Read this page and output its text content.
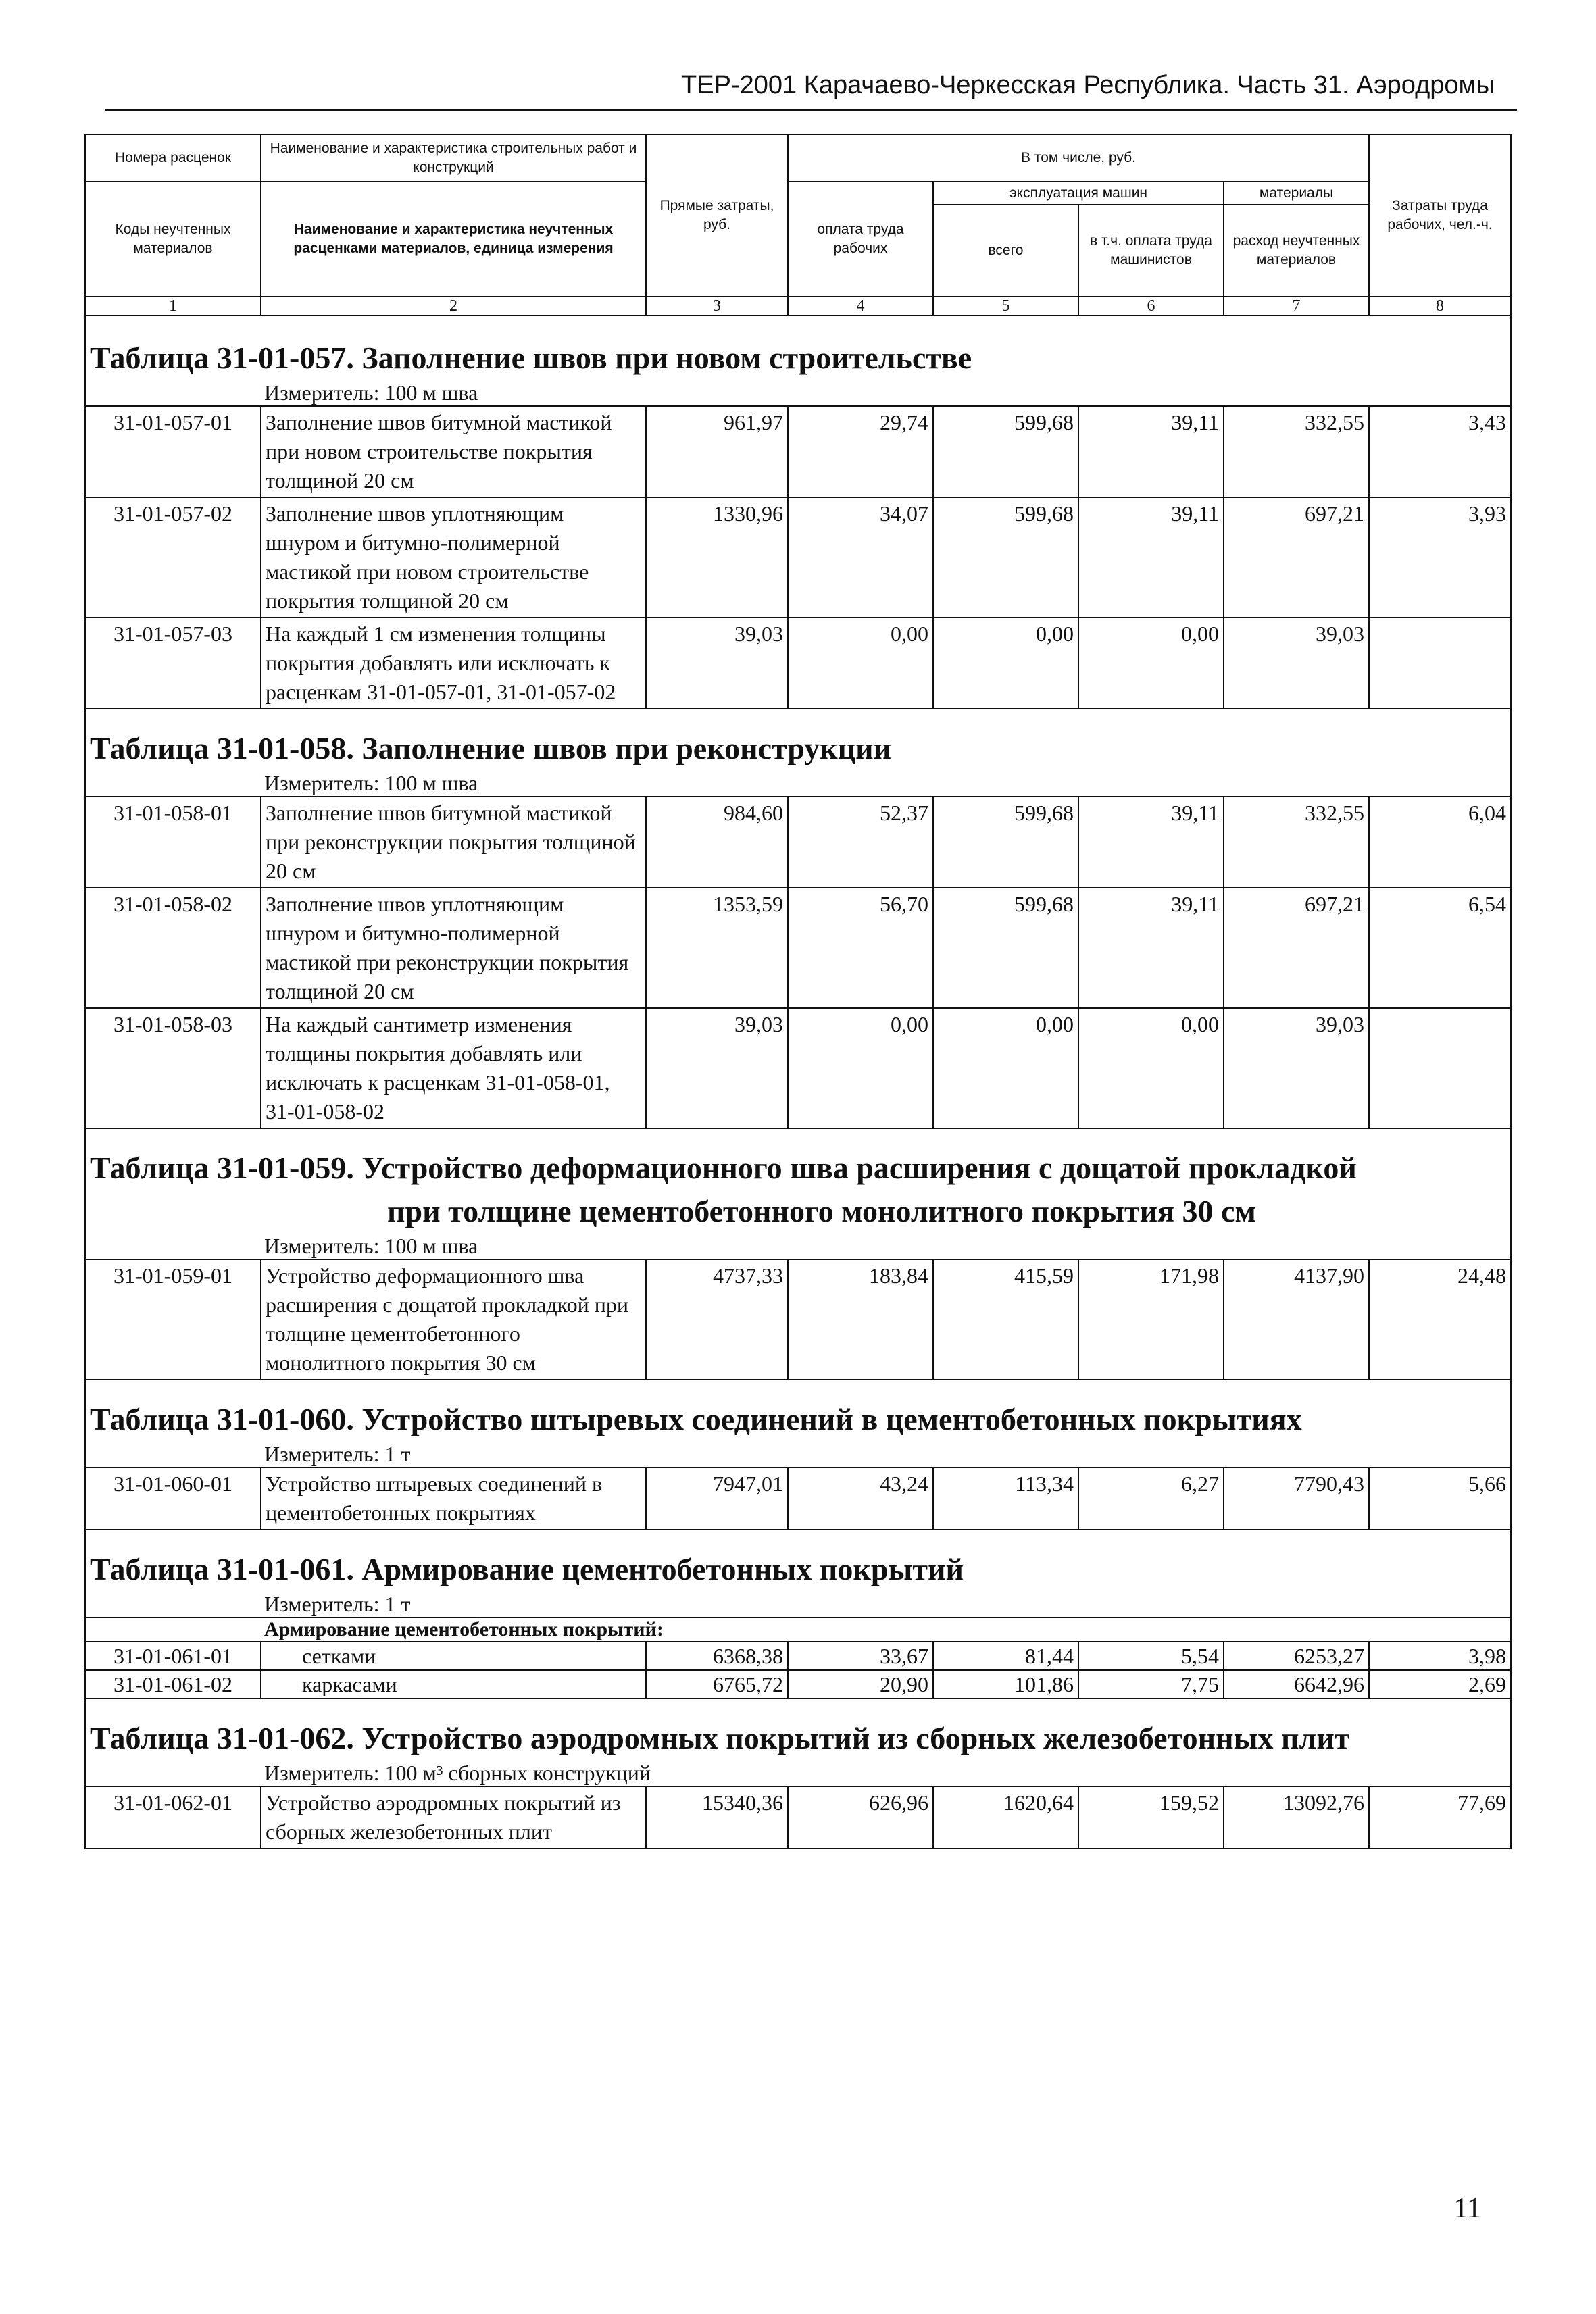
ТЕР-2001 Карачаево-Черкесская Республика. Часть 31. Аэродромы
Номера расценок	Наименование и характеристика строительных работ и конструкций	Прямые затраты, руб.	В том числе, руб.				Затраты труда рабочих, чел.-ч.
Коды неучтенных материалов	Наименование и характеристика неучтенных расценками материалов, единица измерения		оплата труда рабочих	эксплуатация машин		материалы	
				всего	в т.ч. оплата труда машинистов	расход неучтенных материалов	
1	2	3	4	5	6	7	8
Таблица 31-01-057. Заполнение швов при новом строительстве							
Измеритель: 100 м шва							
31-01-057-01	Заполнение швов битумной мастикой при новом строительстве покрытия толщиной 20 см	961,97	29,74	599,68	39,11	332,55	3,43
31-01-057-02	Заполнение швов уплотняющим шнуром и битумно-полимерной мастикой при новом строительстве покрытия толщиной 20 см	1330,96	34,07	599,68	39,11	697,21	3,93
31-01-057-03	На каждый 1 см изменения толщины покрытия добавлять или исключать к расценкам 31-01-057-01, 31-01-057-02	39,03	0,00	0,00	0,00	39,03	
Таблица 31-01-058. Заполнение швов при реконструкции							
Измеритель: 100 м шва							
31-01-058-01	Заполнение швов битумной мастикой при реконструкции покрытия толщиной 20 см	984,60	52,37	599,68	39,11	332,55	6,04
31-01-058-02	Заполнение швов уплотняющим шнуром и битумно-полимерной мастикой при реконструкции покрытия толщиной 20 см	1353,59	56,70	599,68	39,11	697,21	6,54
31-01-058-03	На каждый сантиметр изменения толщины покрытия добавлять или исключать к расценкам 31-01-058-01, 31-01-058-02	39,03	0,00	0,00	0,00	39,03	
Таблица 31-01-059. Устройство деформационного шва расширения с дощатой прокладкой
при толщине цементобетонного монолитного покрытия 30 см							

Измеритель: 100 м шва							
31-01-059-01	Устройство деформационного шва расширения с дощатой прокладкой при толщине цементобетонного монолитного покрытия 30 см	4737,33	183,84	415,59	171,98	4137,90	24,48
Таблица 31-01-060. Устройство штыревых соединений в цементобетонных покрытиях							
Измеритель: 1 т							
31-01-060-01	Устройство штыревых соединений в цементобетонных покрытиях	7947,01	43,24	113,34	6,27	7790,43	5,66
Таблица 31-01-061. Армирование цементобетонных покрытий							
Измеритель: 1 т							
Армирование цементобетонных покрытий:							
31-01-061-01	сетками	6368,38	33,67	81,44	5,54	6253,27	3,98
31-01-061-02	каркасами	6765,72	20,90	101,86	7,75	6642,96	2,69
Таблица 31-01-062. Устройство аэродромных покрытий из сборных железобетонных плит							
Измеритель: 100 м³ сборных конструкций							
31-01-062-01	Устройство аэродромных покрытий из сборных железобетонных плит	15340,36	626,96	1620,64	159,52	13092,76	77,69
11
